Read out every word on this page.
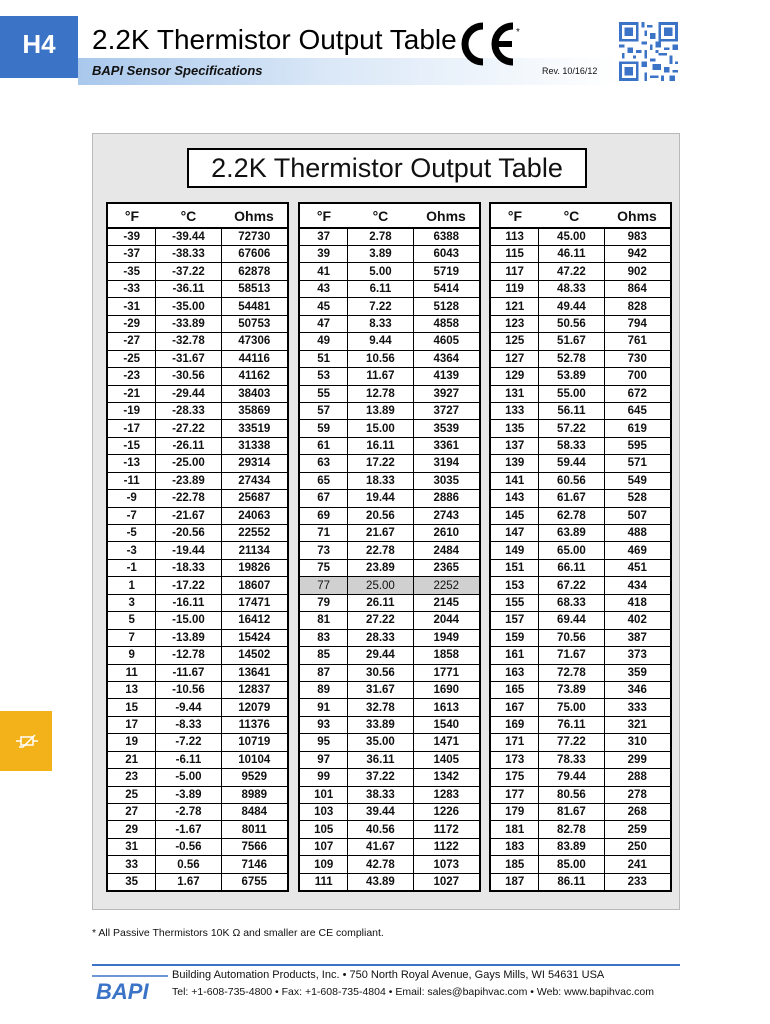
H4 2.2K Thermistor Output Table
BAPI Sensor Specifications	Rev. 10/16/12
*
2.2K Thermistor Output Table
°F	°C	Ohms
-39	-39.44	72730
-37	-38.33	67606
-35	-37.22	62878
-33	-36.11	58513
-31	-35.00	54481
-29	-33.89	50753
-27	-32.78	47306
-25	-31.67	44116
-23	-30.56	41162
-21	-29.44	38403
-19	-28.33	35869
-17	-27.22	33519
-15	-26.11	31338
-13	-25.00	29314
-11	-23.89	27434
-9	-22.78	25687
-7	-21.67	24063
-5	-20.56	22552
-3	-19.44	21134
-1	-18.33	19826
1	-17.22	18607
3	-16.11	17471
5	-15.00	16412
7	-13.89	15424
9	-12.78	14502
11	-11.67	13641
13	-10.56	12837
15	-9.44	12079
17	-8.33	11376
19	-7.22	10719
21	-6.11	10104
23	-5.00	9529
25	-3.89	8989
27	-2.78	8484
29	-1.67	8011
31	-0.56	7566
33	0.56	7146
35	1.67	6755
°F	°C	Ohms
37	2.78	6388
39	3.89	6043
41	5.00	5719
43	6.11	5414
45	7.22	5128
47	8.33	4858
49	9.44	4605
51	10.56	4364
53	11.67	4139
55	12.78	3927
57	13.89	3727
59	15.00	3539
61	16.11	3361
63	17.22	3194
65	18.33	3035
67	19.44	2886
69	20.56	2743
71	21.67	2610
73	22.78	2484
75	23.89	2365
77	25.00	2252
79	26.11	2145
81	27.22	2044
83	28.33	1949
85	29.44	1858
87	30.56	1771
89	31.67	1690
91	32.78	1613
93	33.89	1540
95	35.00	1471
97	36.11	1405
99	37.22	1342
101	38.33	1283
103	39.44	1226
105	40.56	1172
107	41.67	1122
109	42.78	1073
111	43.89	1027
°F	°C	Ohms
113	45.00	983
115	46.11	942
117	47.22	902
119	48.33	864
121	49.44	828
123	50.56	794
125	51.67	761
127	52.78	730
129	53.89	700
131	55.00	672
133	56.11	645
135	57.22	619
137	58.33	595
139	59.44	571
141	60.56	549
143	61.67	528
145	62.78	507
147	63.89	488
149	65.00	469
151	66.11	451
153	67.22	434
155	68.33	418
157	69.44	402
159	70.56	387
161	71.67	373
163	72.78	359
165	73.89	346
167	75.00	333
169	76.11	321
171	77.22	310
173	78.33	299
175	79.44	288
177	80.56	278
179	81.67	268
181	82.78	259
183	83.89	250
185	85.00	241
187	86.11	233
* All Passive Thermistors 10K Ω and smaller are CE compliant.
BAPI
Building Automation Products, Inc. • 750 North Royal Avenue, Gays Mills, WI 54631 USA
Tel: +1-608-735-4800 • Fax: +1-608-735-4804 • Email: sales@bapihvac.com • Web: www.bapihvac.com
